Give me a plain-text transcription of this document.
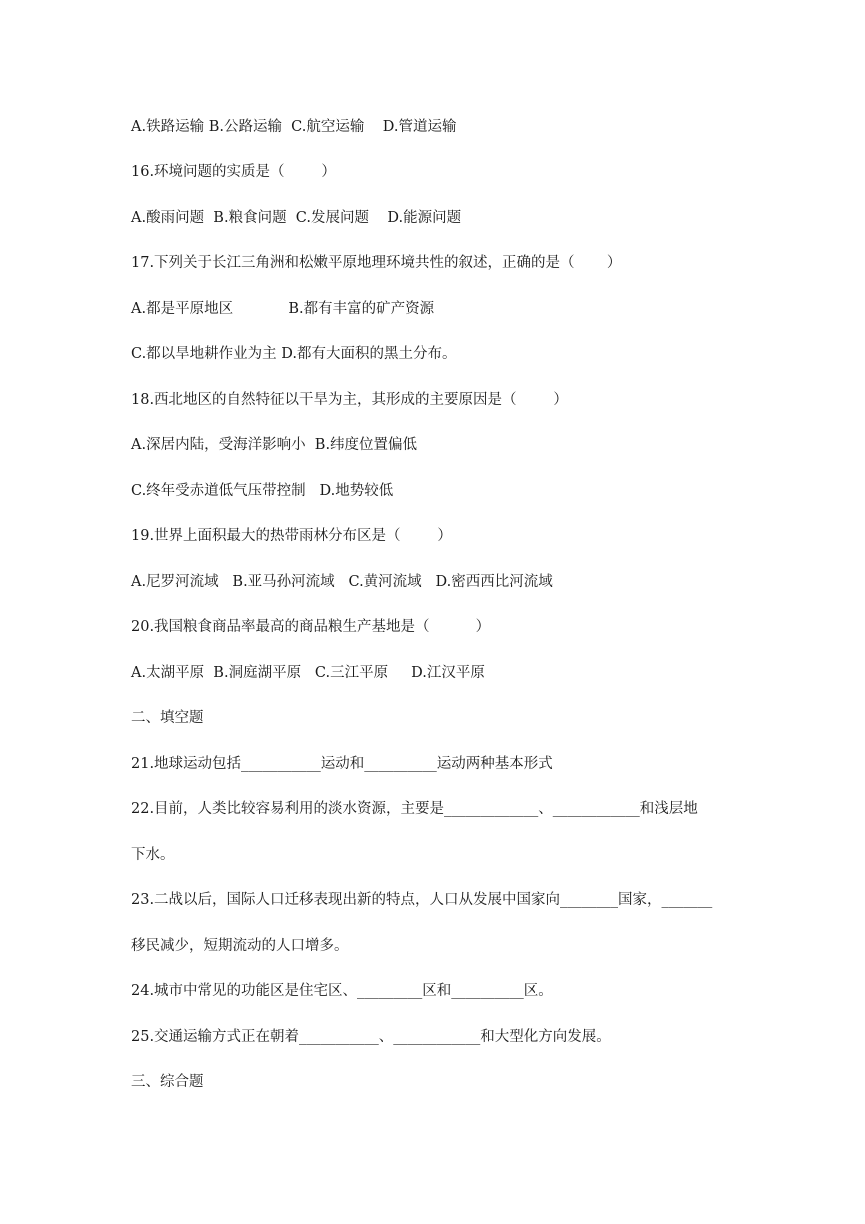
A.铁路运输 B.公路运输  C.航空运输    D.管道运输
16.环境问题的实质是（        ）
A.酸雨问题  B.粮食问题  C.发展问题    D.能源问题
17.下列关于长江三角洲和松嫩平原地理环境共性的叙述，正确的是（       ）
A.都是平原地区            B.都有丰富的矿产资源
C.都以旱地耕作业为主 D.都有大面积的黑土分布。
18.西北地区的自然特征以干旱为主，其形成的主要原因是（        ）
A.深居内陆，受海洋影响小  B.纬度位置偏低
C.终年受赤道低气压带控制   D.地势较低
19.世界上面积最大的热带雨林分布区是（        ）
A.尼罗河流域   B.亚马孙河流域   C.黄河流域   D.密西西比河流域
20.我国粮食商品率最高的商品粮生产基地是（          ）
A.太湖平原  B.洞庭湖平原   C.三江平原     D.江汉平原
二、填空题
21.地球运动包括___________运动和__________运动两种基本形式
22.目前，人类比较容易利用的淡水资源，主要是_____________、____________和浅层地
下水。
23.二战以后，国际人口迁移表现出新的特点，人口从发展中国家向________国家，_______
移民减少，短期流动的人口增多。
24.城市中常见的功能区是住宅区、_________区和__________区。
25.交通运输方式正在朝着___________、____________和大型化方向发展。
三、综合题
